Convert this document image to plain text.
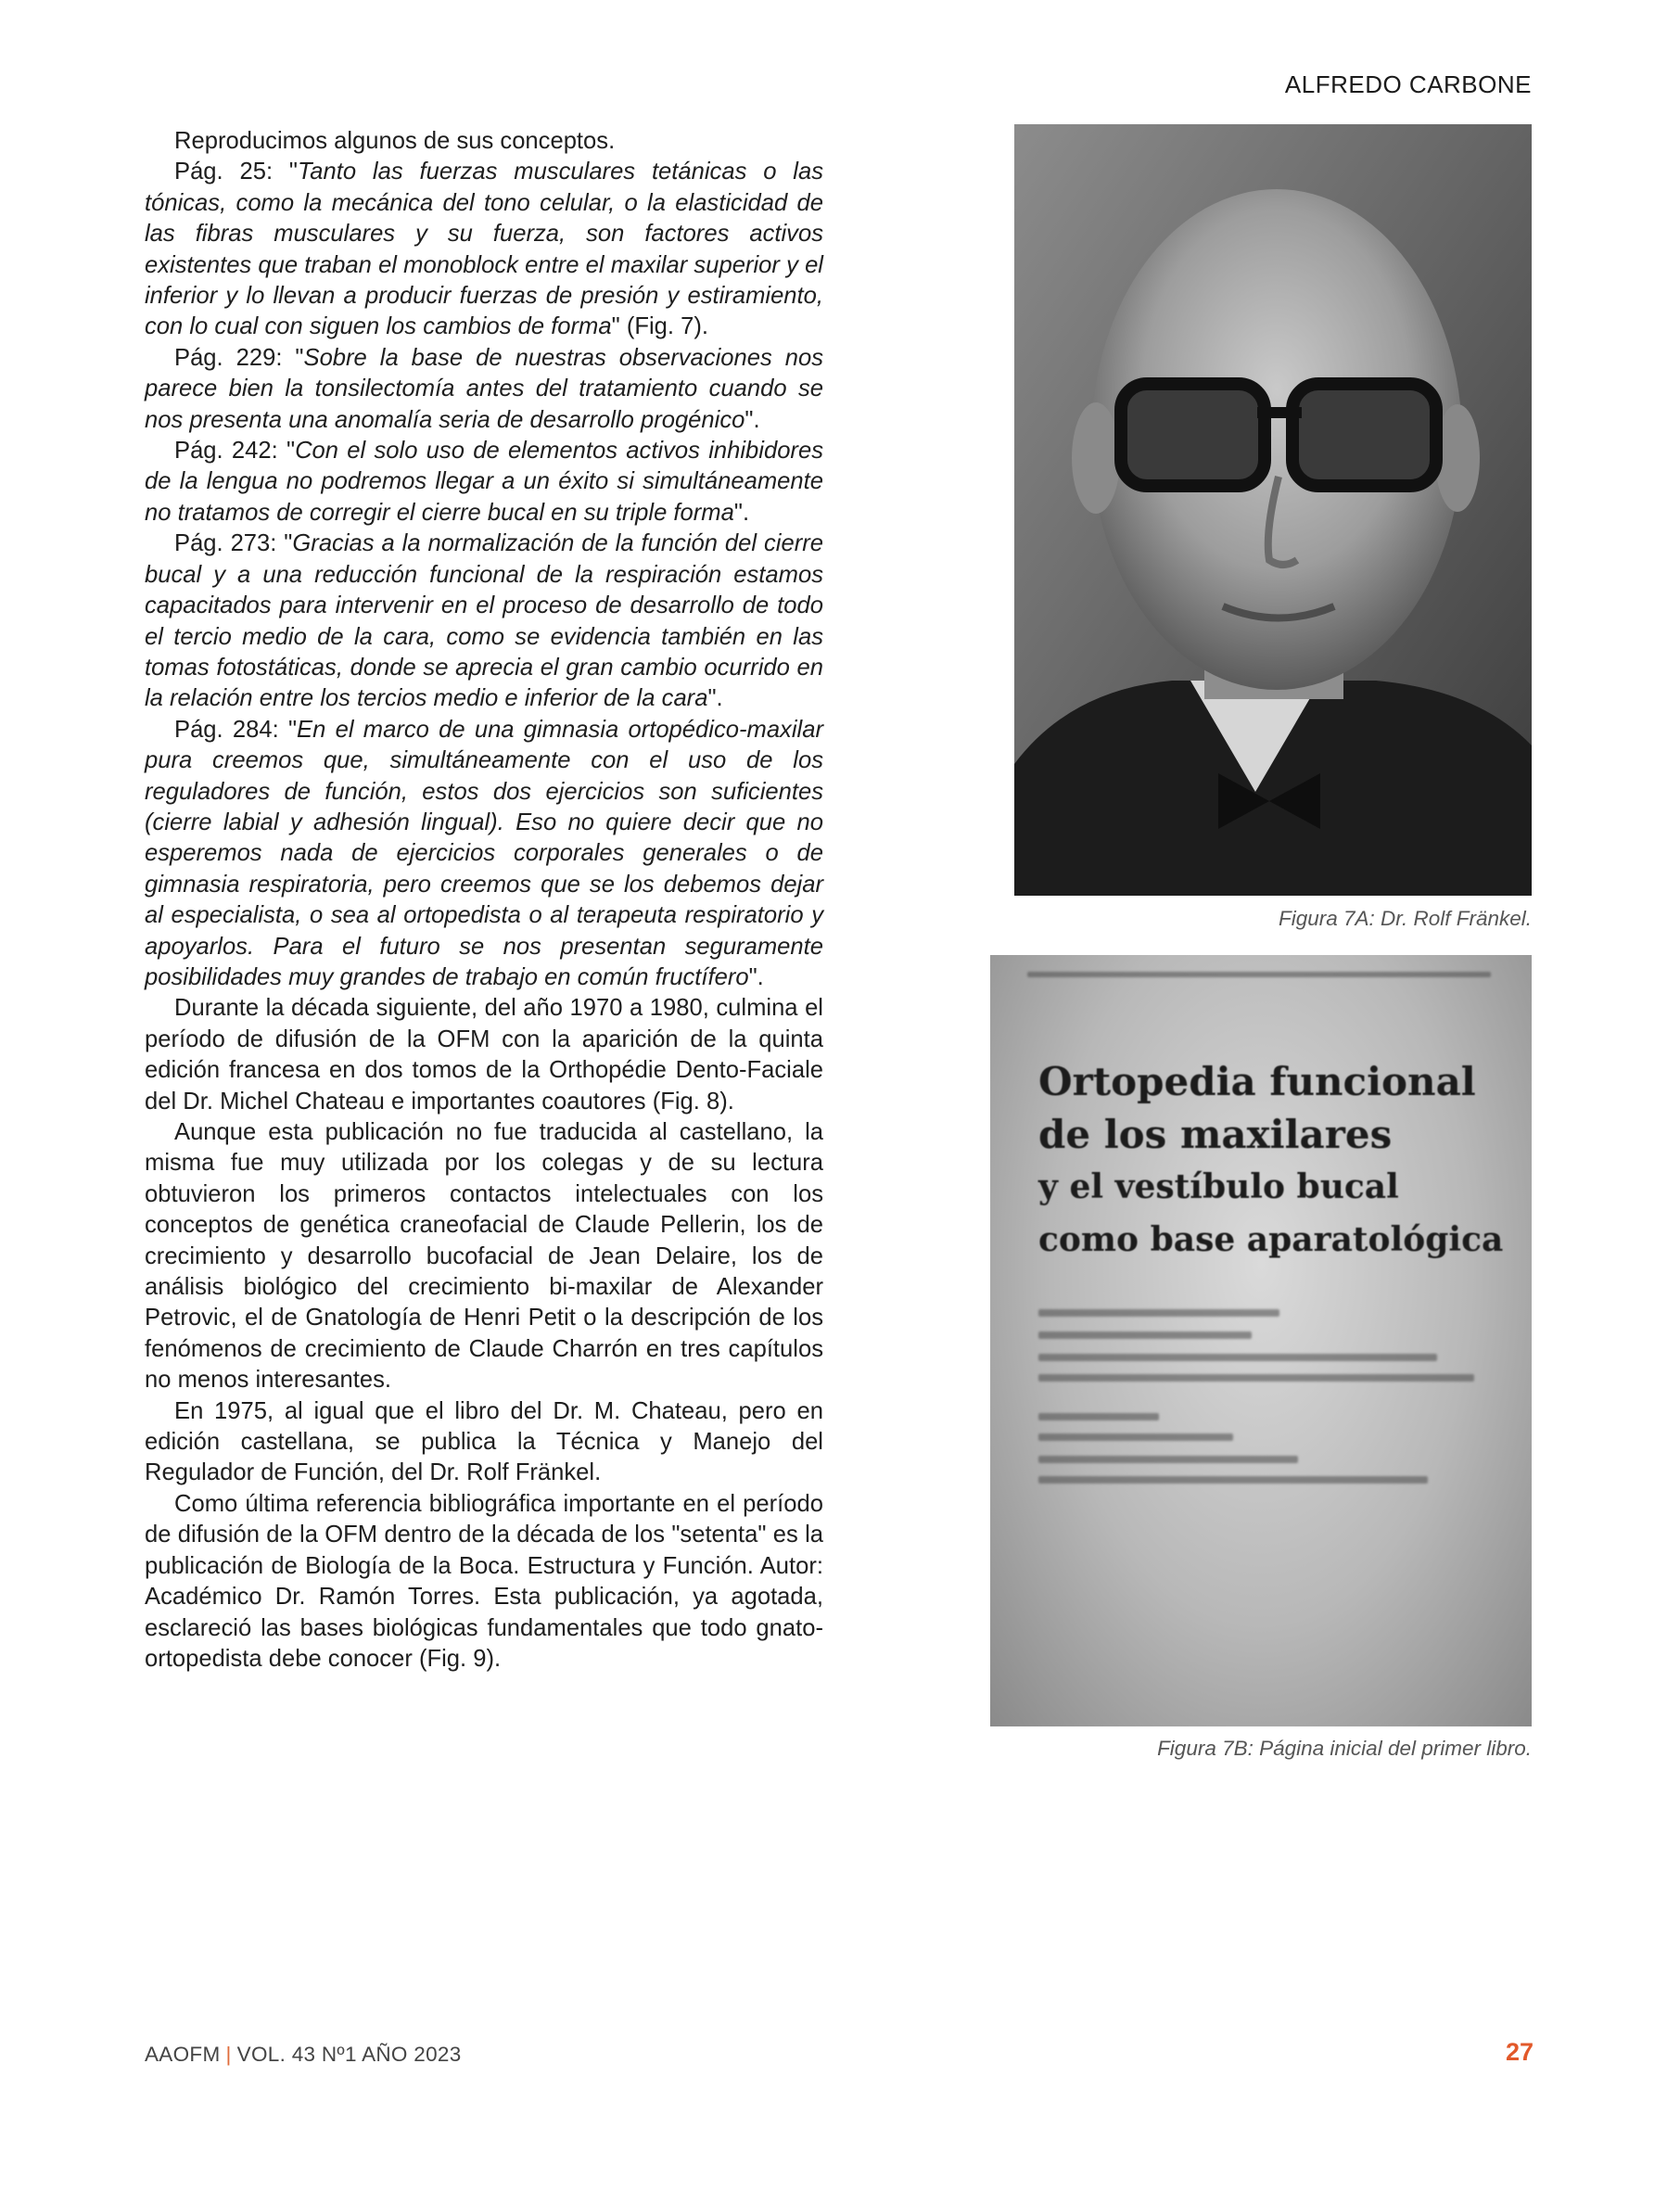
ALFREDO CARBONE

Reproducimos algunos de sus conceptos.

Pág. 25: "Tanto las fuerzas musculares tetánicas o las tónicas, como la mecánica del tono celular, o la elasticidad de las fibras musculares y su fuerza, son factores activos existentes que traban el monoblock entre el maxilar superior y el inferior y lo llevan a producir fuerzas de presión y estiramiento, con lo cual con siguen los cambios de forma" (Fig. 7).

Pág. 229: "Sobre la base de nuestras observaciones nos parece bien la tonsilectomía antes del tratamiento cuando se nos presenta una anomalía seria de desarrollo progénico".

Pág. 242: "Con el solo uso de elementos activos inhibidores de la lengua no podremos llegar a un éxito si simultáneamente no tratamos de corregir el cierre bucal en su triple forma".

Pág. 273: "Gracias a la normalización de la función del cierre bucal y a una reducción funcional de la respiración estamos capacitados para intervenir en el proceso de desarrollo de todo el tercio medio de la cara, como se evidencia también en las tomas fotostáticas, donde se aprecia el gran cambio ocurrido en la relación entre los tercios medio e inferior de la cara".

Pág. 284: "En el marco de una gimnasia ortopédico-maxilar pura creemos que, simultáneamente con el uso de los reguladores de función, estos dos ejercicios son suficientes (cierre labial y adhesión lingual). Eso no quiere decir que no esperemos nada de ejercicios corporales generales o de gimnasia respiratoria, pero creemos que se los debemos dejar al especialista, o sea al ortopedista o al terapeuta respiratorio y apoyarlos. Para el futuro se nos presentan seguramente posibilidades muy grandes de trabajo en común fructífero".

Durante la década siguiente, del año 1970 a 1980, culmina el período de difusión de la OFM con la aparición de la quinta edición francesa en dos tomos de la Orthopédie Dento-Faciale del Dr. Michel Chateau e importantes coautores (Fig. 8).

Aunque esta publicación no fue traducida al castellano, la misma fue muy utilizada por los colegas y de su lectura obtuvieron los primeros contactos intelectuales con los conceptos de genética craneofacial de Claude Pellerin, los de crecimiento y desarrollo bucofacial de Jean Delaire, los de análisis biológico del crecimiento bi-maxilar de Alexander Petrovic, el de Gnatología de Henri Petit o la descripción de los fenómenos de crecimiento de Claude Charrón en tres capítulos no menos interesantes.

En 1975, al igual que el libro del Dr. M. Chateau, pero en edición castellana, se publica la Técnica y Manejo del Regulador de Función, del Dr. Rolf Fränkel.

Como última referencia bibliográfica importante en el período de difusión de la OFM dentro de la década de los "setenta" es la publicación de Biología de la Boca. Estructura y Función. Autor: Académico Dr. Ramón Torres. Esta publicación, ya agotada, esclareció las bases biológicas fundamentales que todo gnato-ortopedista debe conocer (Fig. 9).

Figura 7A: Dr. Rolf Fränkel.
Ortopedia funcional
de los maxilares
y el vestíbulo bucal
como base aparatológica
Figura 7B: Página inicial del primer libro.
AAOFM | VOL. 43 Nº1 AÑO 2023	27
